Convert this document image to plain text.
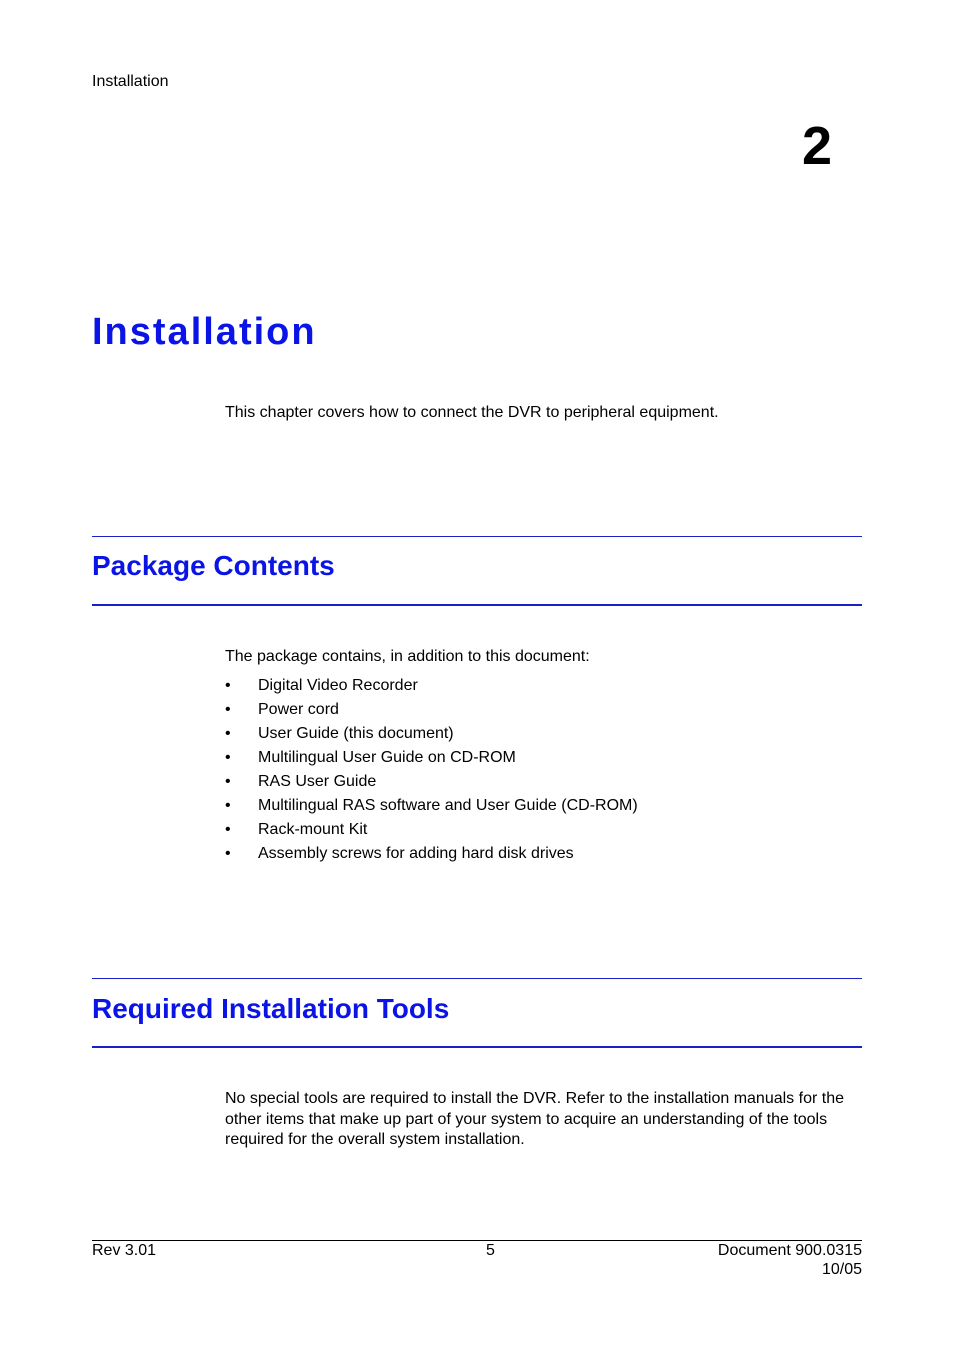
Installation
2
Installation
This chapter covers how to connect the DVR to peripheral equipment.
Package Contents
The package contains, in addition to this document:
• Digital Video Recorder
• Power cord
• User Guide (this document)
• Multilingual User Guide on CD-ROM
• RAS User Guide
• Multilingual RAS software and User Guide (CD-ROM)
• Rack-mount Kit
• Assembly screws for adding hard disk drives
Required Installation Tools
No special tools are required to install the DVR. Refer to the installation manuals for the other items that make up part of your system to acquire an understanding of the tools required for the overall system installation.
Rev 3.01	5	Document 900.0315
10/05
